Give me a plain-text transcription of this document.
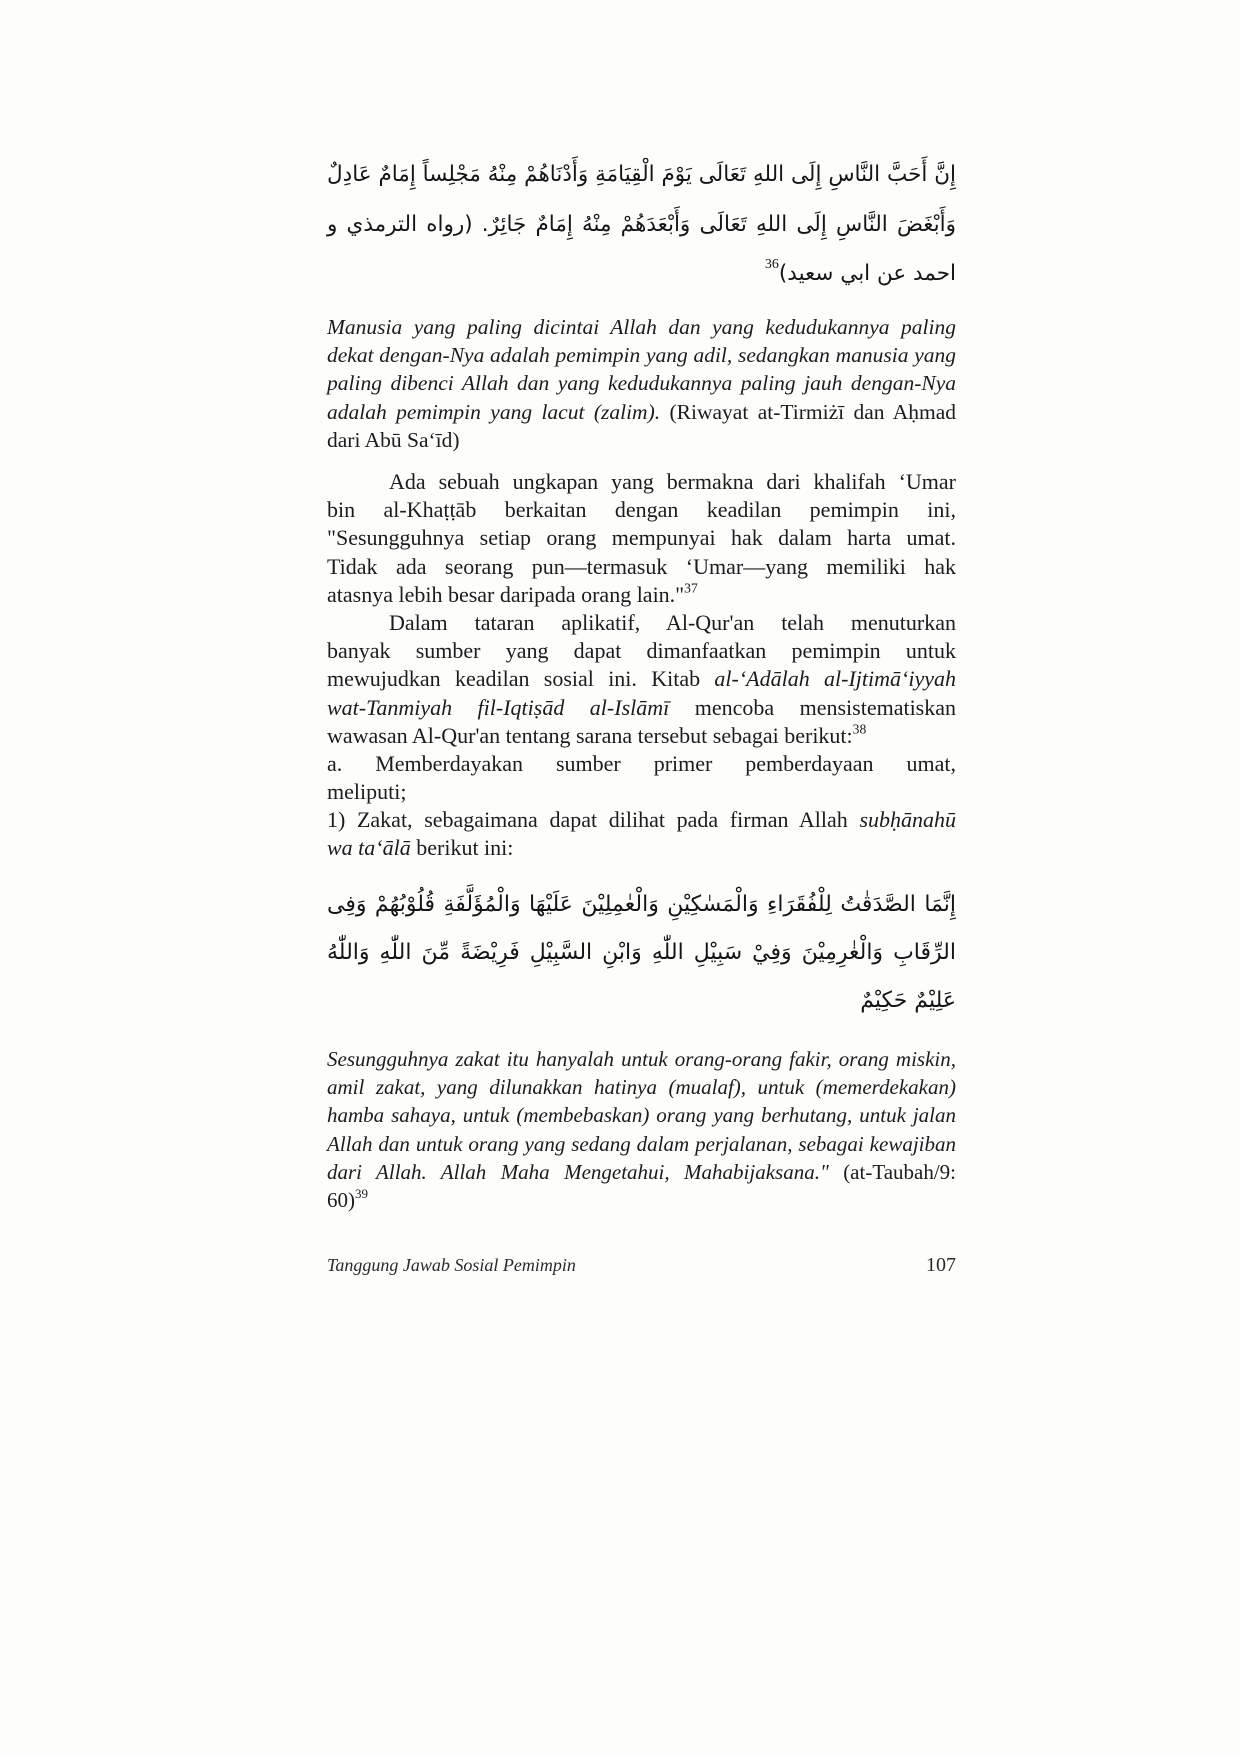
إِنَّ أَحَبَّ النَّاسِ إِلَى اللهِ تَعَالَى يَوْمَ الْقِيَامَةِ وَأَدْنَاهُمْ مِنْهُ مَجْلِساً إِمَامٌ عَادِلٌ
وَأَبْغَضَ النَّاسِ إِلَى اللهِ تَعَالَى وَأَبْعَدَهُمْ مِنْهُ إِمَامٌ جَائِرٌ. (رواه الترمذي و
احمد عن ابي سعيد)$^{36}$
Manusia yang paling dicintai Allah dan yang kedudukannya paling
dekat dengan-Nya adalah pemimpin yang adil, sedangkan manusia yang
paling dibenci Allah dan yang kedudukannya paling jauh dengan-Nya
adalah pemimpin yang lacut (zalim). (Riwayat at-Tirmiżī dan Aḥmad
dari Abū Sa‘īd)
Ada sebuah ungkapan yang bermakna dari khalifah ‘Umar
bin al-Khaṭṭāb berkaitan dengan keadilan pemimpin ini,
"Sesungguhnya setiap orang mempunyai hak dalam harta umat.
Tidak ada seorang pun—termasuk ‘Umar—yang memiliki hak
atasnya lebih besar daripada orang lain."$^{37}$
Dalam tataran aplikatif, Al-Qur'an telah menuturkan
banyak sumber yang dapat dimanfaatkan pemimpin untuk
mewujudkan keadilan sosial ini. Kitab al-‘Adālah al-Ijtimā‘iyyah
wat-Tanmiyah fil-Iqtiṣād al-Islāmī mencoba mensistematiskan
wawasan Al-Qur'an tentang sarana tersebut sebagai berikut:$^{38}$
a. Memberdayakan sumber primer pemberdayaan umat,
meliputi;
1) Zakat, sebagaimana dapat dilihat pada firman Allah subḥānahū
wa ta‘ālā berikut ini:
إِنَّمَا الصَّدَقٰتُ لِلْفُقَرَاءِ وَالْمَسٰكِيْنِ وَالْعٰمِلِيْنَ عَلَيْهَا وَالْمُؤَلَّفَةِ قُلُوْبُهُمْ وَفِى
الرِّقَابِ وَالْغٰرِمِيْنَ وَفِيْ سَبِيْلِ اللّٰهِ وَابْنِ السَّبِيْلِ فَرِيْضَةً مِّنَ اللّٰهِ وَاللّٰهُ
عَلِيْمٌ حَكِيْمٌ
Sesungguhnya zakat itu hanyalah untuk orang-orang fakir, orang miskin,
amil zakat, yang dilunakkan hatinya (mualaf), untuk (memerdekakan)
hamba sahaya, untuk (membebaskan) orang yang berhutang, untuk jalan
Allah dan untuk orang yang sedang dalam perjalanan, sebagai kewajiban
dari Allah. Allah Maha Mengetahui, Mahabijaksana." (at-Taubah/9:
60)$^{39}$
Tanggung Jawab Sosial Pemimpin	107
